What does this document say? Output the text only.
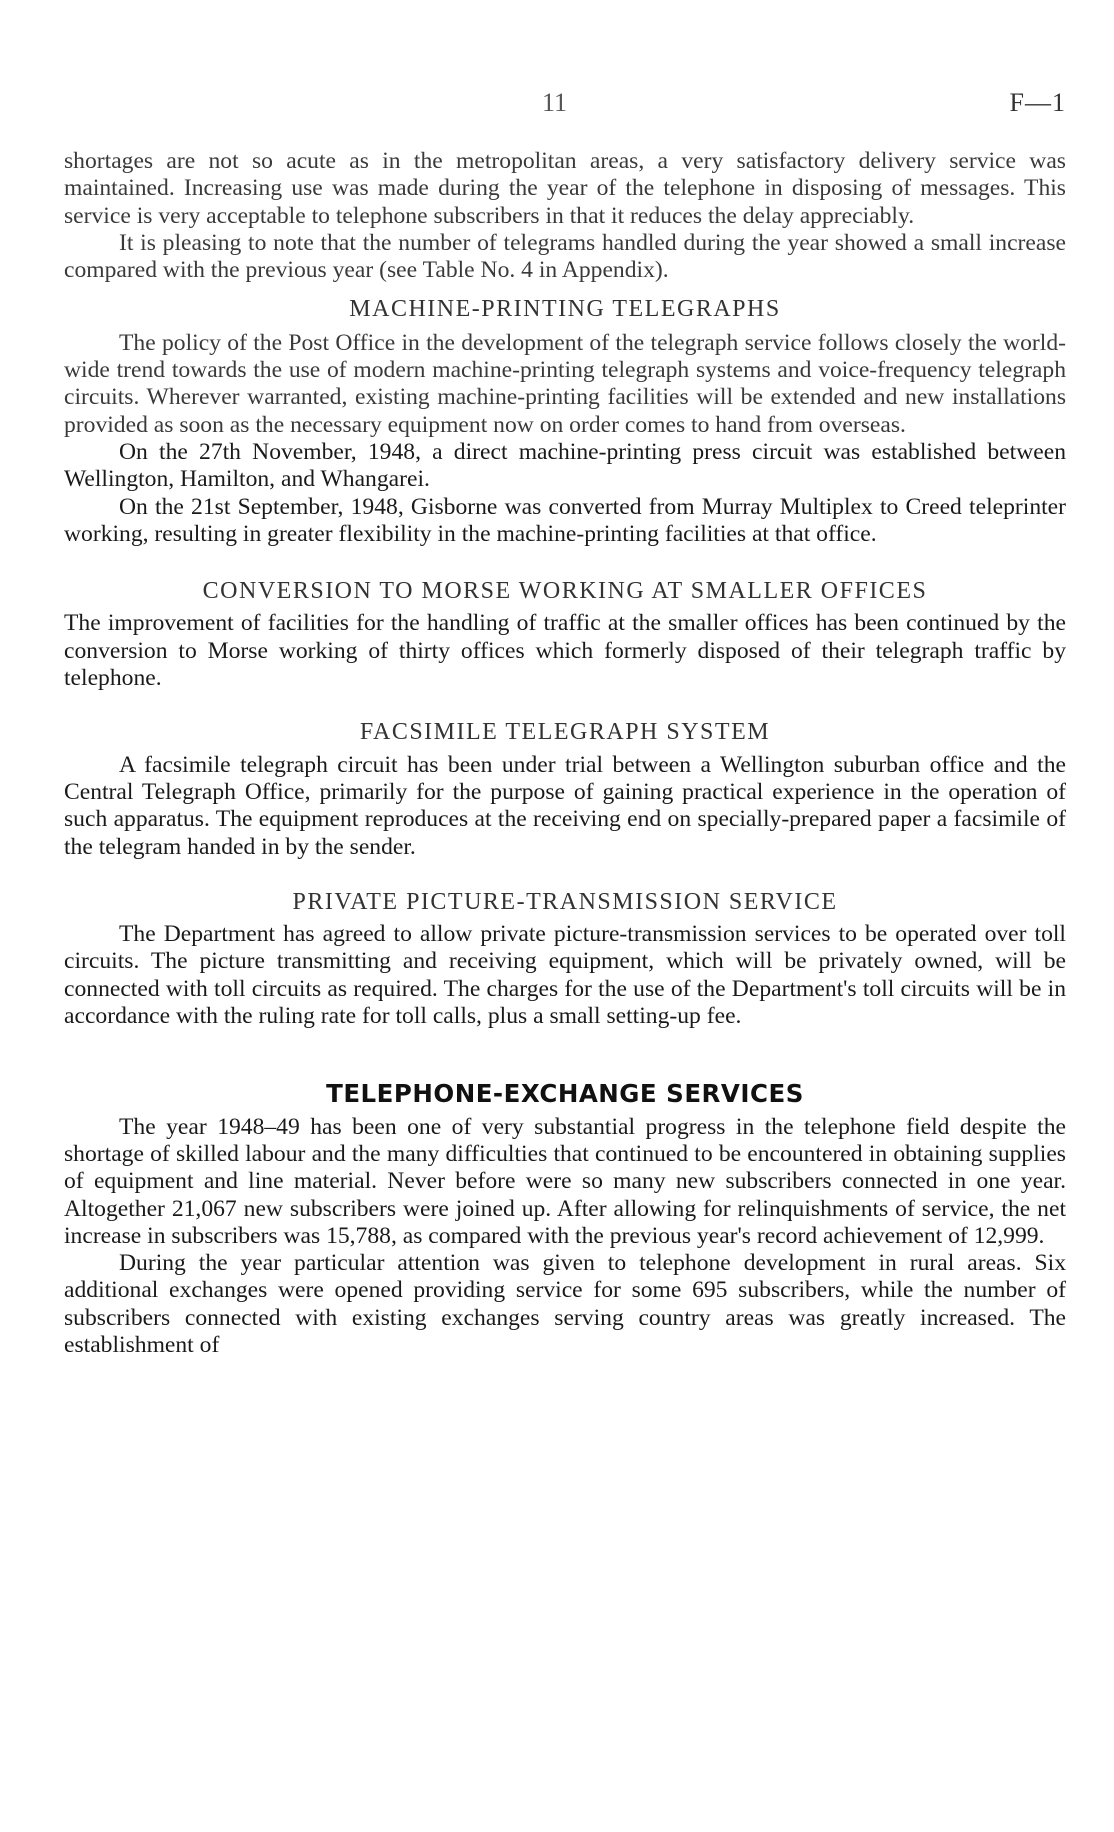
11	F—1

shortages are not so acute as in the metropolitan areas, a very satisfactory delivery service was maintained. Increasing use was made during the year of the telephone in disposing of messages. This service is very acceptable to telephone subscribers in that it reduces the delay appreciably.

It is pleasing to note that the number of telegrams handled during the year showed a small increase compared with the previous year (see Table No. 4 in Appendix).

MACHINE-PRINTING TELEGRAPHS

The policy of the Post Office in the development of the telegraph service follows closely the world-wide trend towards the use of modern machine-printing telegraph systems and voice-frequency telegraph circuits. Wherever warranted, existing machine-printing facilities will be extended and new installations provided as soon as the necessary equipment now on order comes to hand from overseas.

On the 27th November, 1948, a direct machine-printing press circuit was established between Wellington, Hamilton, and Whangarei.

On the 21st September, 1948, Gisborne was converted from Murray Multiplex to Creed teleprinter working, resulting in greater flexibility in the machine-printing facilities at that office.

CONVERSION TO MORSE WORKING AT SMALLER OFFICES

The improvement of facilities for the handling of traffic at the smaller offices has been continued by the conversion to Morse working of thirty offices which formerly disposed of their telegraph traffic by telephone.

FACSIMILE TELEGRAPH SYSTEM

A facsimile telegraph circuit has been under trial between a Wellington suburban office and the Central Telegraph Office, primarily for the purpose of gaining practical experience in the operation of such apparatus. The equipment reproduces at the receiving end on specially-prepared paper a facsimile of the telegram handed in by the sender.

PRIVATE PICTURE-TRANSMISSION SERVICE

The Department has agreed to allow private picture-transmission services to be operated over toll circuits. The picture transmitting and receiving equipment, which will be privately owned, will be connected with toll circuits as required. The charges for the use of the Department's toll circuits will be in accordance with the ruling rate for toll calls, plus a small setting-up fee.

TELEPHONE-EXCHANGE SERVICES

The year 1948–49 has been one of very substantial progress in the telephone field despite the shortage of skilled labour and the many difficulties that continued to be encountered in obtaining supplies of equipment and line material. Never before were so many new subscribers connected in one year. Altogether 21,067 new subscribers were joined up. After allowing for relinquishments of service, the net increase in subscribers was 15,788, as compared with the previous year's record achievement of 12,999.

During the year particular attention was given to telephone development in rural areas. Six additional exchanges were opened providing service for some 695 subscribers, while the number of subscribers connected with existing exchanges serving country areas was greatly increased. The establishment of
